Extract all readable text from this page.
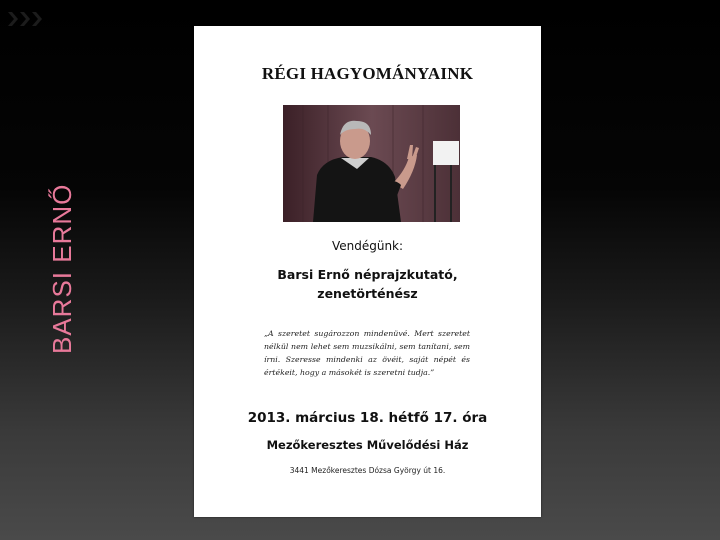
BARSI ERNŐ
RÉGI HAGYOMÁNYAINK
Vendégünk:
Barsi Ernő néprajzkutató,
zenetörténész
„A szeretet sugározzon mindenüvé. Mert szeretet nélkül nem lehet sem muzsikálni, sem tanítani, sem írni. Szeresse mindenki az övéit, saját népét és értékeit, hogy a másokét is szeretni tudja.”
2013. március 18. hétfő 17. óra
Mezőkeresztes Művelődési Ház
3441 Mezőkeresztes Dózsa György út 16.
